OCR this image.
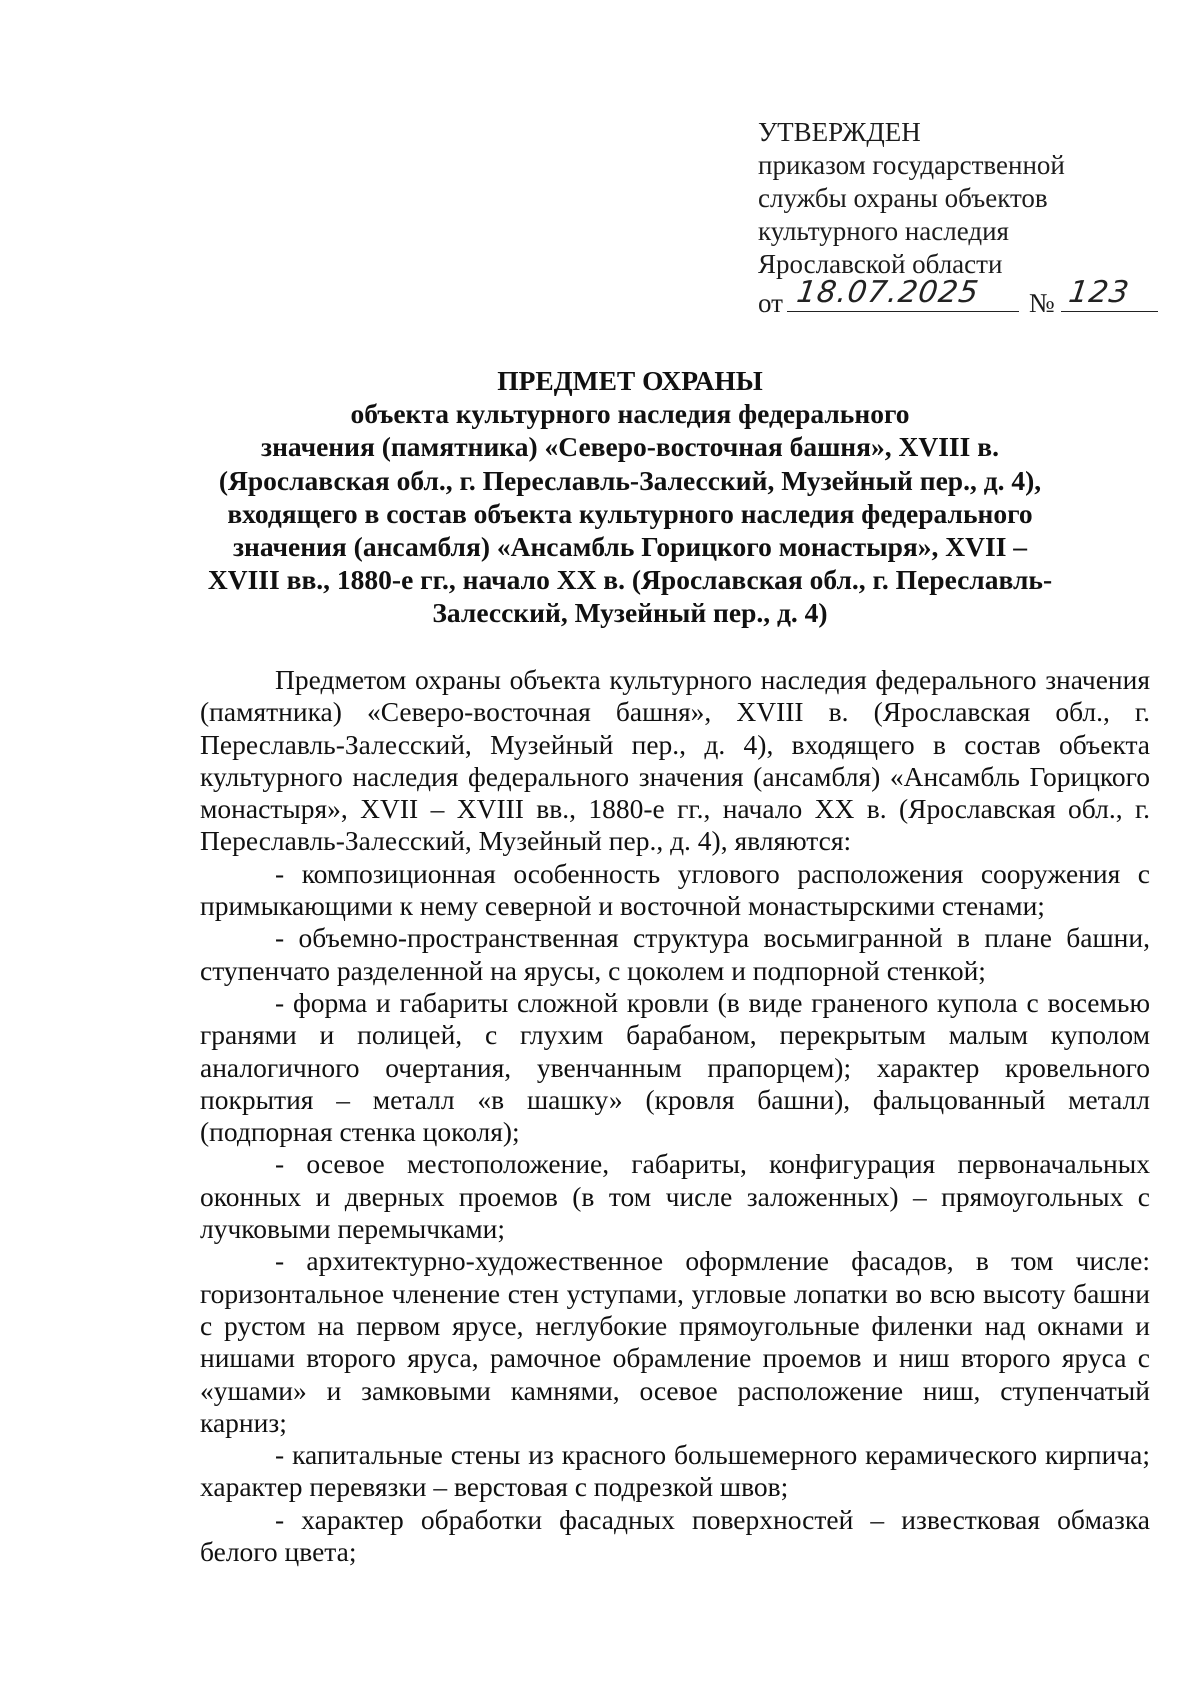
УТВЕРЖДЕН
приказом государственной
службы охраны объектов
культурного наследия
Ярославской области
от 18.07.2025 № 123
ПРЕДМЕТ ОХРАНЫ
объекта культурного наследия федерального
значения (памятника) «Северо-восточная башня», XVIII в.
(Ярославская обл., г. Переславль-Залесский, Музейный пер., д. 4),
входящего в состав объекта культурного наследия федерального
значения (ансамбля) «Ансамбль Горицкого монастыря», XVII –
XVIII вв., 1880-е гг., начало XX в. (Ярославская обл., г. Переславль-
Залесский, Музейный пер., д. 4)

Предметом охраны объекта культурного наследия федерального значения (памятника) «Северо-восточная башня», XVIII в. (Ярославская обл., г. Переславль-Залесский, Музейный пер., д. 4), входящего в состав объекта культурного наследия федерального значения (ансамбля) «Ансамбль Горицкого монастыря», XVII – XVIII вв., 1880-е гг., начало XX в. (Ярославская обл., г. Переславль-Залесский, Музейный пер., д. 4), являются:

- композиционная особенность углового расположения сооружения с примыкающими к нему северной и восточной монастырскими стенами;

- объемно-пространственная структура восьмигранной в плане башни, ступенчато разделенной на ярусы, с цоколем и подпорной стенкой;

- форма и габариты сложной кровли (в виде граненого купола с восемью гранями и полицей, с глухим барабаном, перекрытым малым куполом аналогичного очертания, увенчанным прапорцем); характер кровельного покрытия – металл «в шашку» (кровля башни), фальцованный металл (подпорная стенка цоколя);

- осевое местоположение, габариты, конфигурация первоначальных оконных и дверных проемов (в том числе заложенных) – прямоугольных с лучковыми перемычками;

- архитектурно-художественное оформление фасадов, в том числе: горизонтальное членение стен уступами, угловые лопатки во всю высоту башни с рустом на первом ярусе, неглубокие прямоугольные филенки над окнами и нишами второго яруса, рамочное обрамление проемов и ниш второго яруса с «ушами» и замковыми камнями, осевое расположение ниш, ступенчатый карниз;

- капитальные стены из красного большемерного керамического кирпича; характер перевязки – верстовая с подрезкой швов;

- характер обработки фасадных поверхностей – известковая обмазка белого цвета;
